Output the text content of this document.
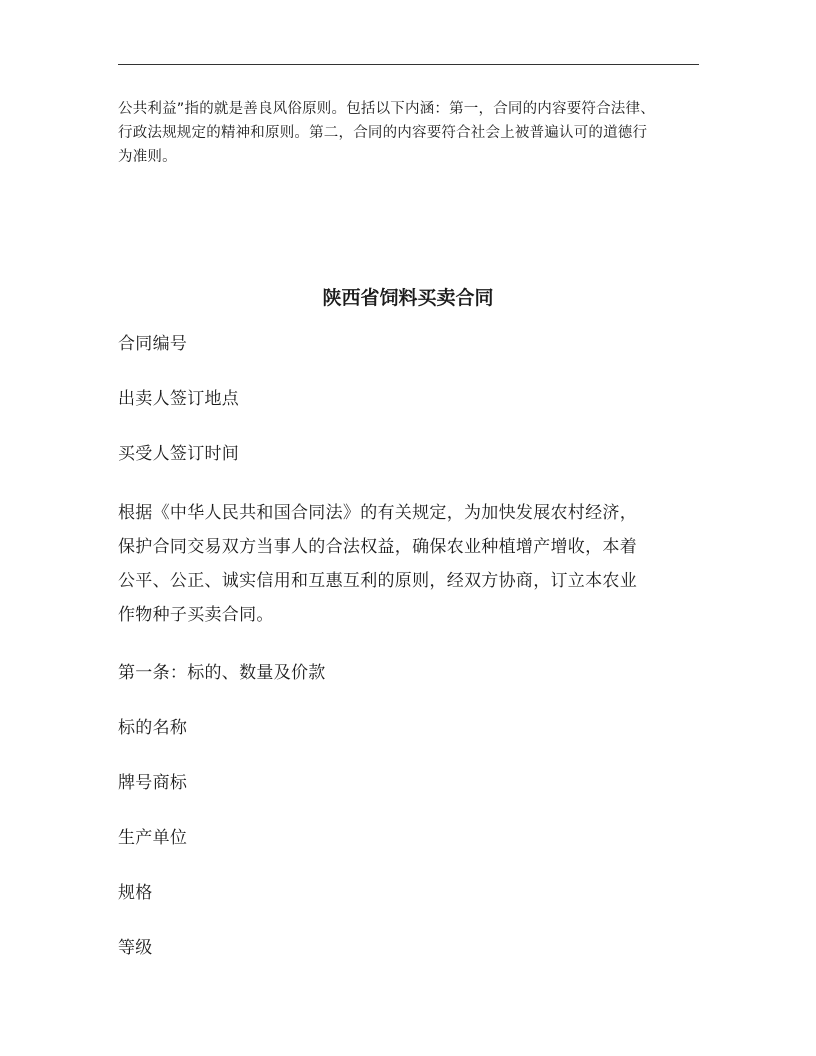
公共利益”指的就是善良风俗原则。包括以下内涵：第一，合同的内容要符合法律、
行政法规规定的精神和原则。第二，合同的内容要符合社会上被普遍认可的道德行
为准则。
陕西省饲料买卖合同
合同编号
出卖人签订地点
买受人签订时间
根据《中华人民共和国合同法》的有关规定，为加快发展农村经济，
保护合同交易双方当事人的合法权益，确保农业种植增产增收，本着
公平、公正、诚实信用和互惠互利的原则，经双方协商，订立本农业
作物种子买卖合同。
第一条：标的、数量及价款
标的名称
牌号商标
生产单位
规格
等级
